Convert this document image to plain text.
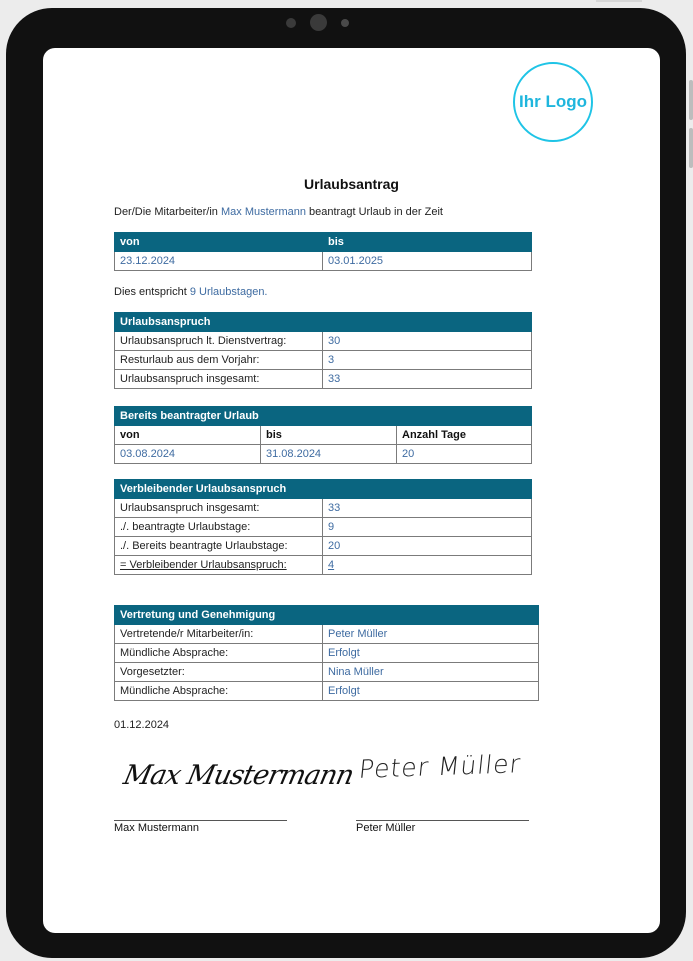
Ihr Logo
Urlaubsantrag
Der/Die Mitarbeiter/in Max Mustermann beantragt Urlaub in der Zeit
von	bis
23.12.2024	03.01.2025
Dies entspricht 9 Urlaubstagen.
Urlaubsanspruch	
Urlaubsanspruch lt. Dienstvertrag:	30
Resturlaub aus dem Vorjahr:	3
Urlaubsanspruch insgesamt:	33
Bereits beantragter Urlaub		
von	bis	Anzahl Tage
03.08.2024	31.08.2024	20
Verbleibender Urlaubsanspruch	
Urlaubsanspruch insgesamt:	33
./. beantragte Urlaubstage:	9
./. Bereits beantragte Urlaubstage:	20
= Verbleibender Urlaubsanspruch:	4
Vertretung und Genehmigung	
Vertretende/r Mitarbeiter/in:	Peter Müller
Mündliche Absprache:	Erfolgt
Vorgesetzter:	Nina Müller
Mündliche Absprache:	Erfolgt
01.12.2024
Max Mustermann Peter Müller
Max Mustermann	Peter Müller
